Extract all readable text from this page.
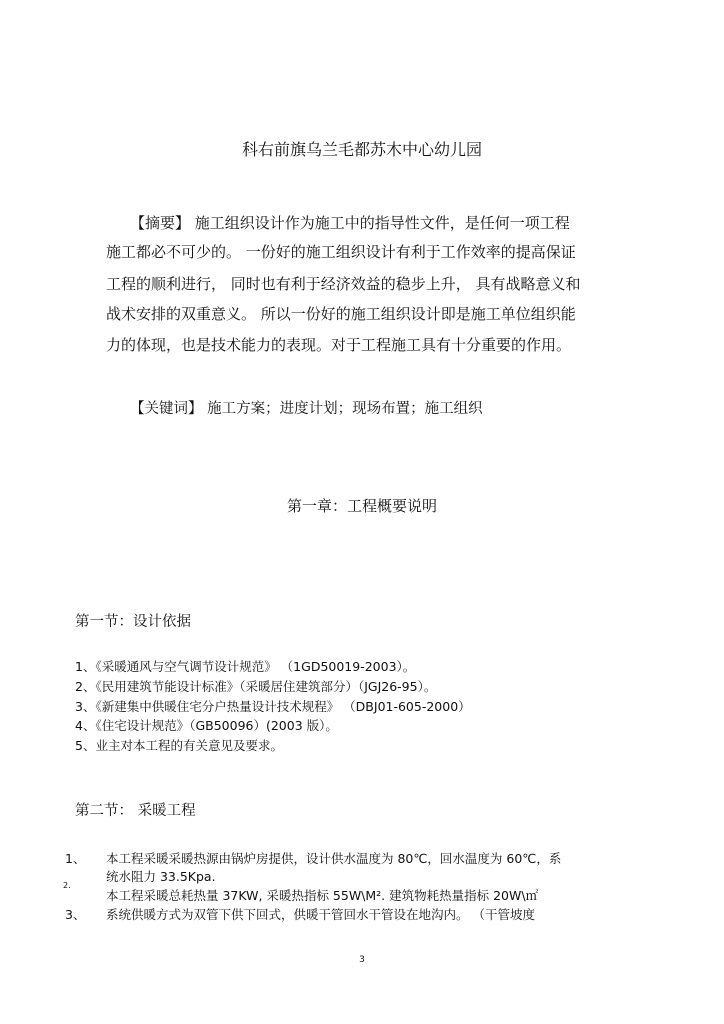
科右前旗乌兰毛都苏木中心幼儿园
【摘要】 施工组织设计作为施工中的指导性文件，是任何一项工程
施工都必不可少的。 一份好的施工组织设计有利于工作效率的提高保证
工程的顺利进行， 同时也有利于经济效益的稳步上升， 具有战略意义和
战术安排的双重意义。 所以一份好的施工组织设计即是施工单位组织能
力的体现，也是技术能力的表现。对于工程施工具有十分重要的作用。
【关键词】 施工方案；进度计划；现场布置；施工组织
第一章：工程概要说明
第一节：设计依据
1、《采暖通风与空气调节设计规范》 （1GD50019-2003）。
2、《民用建筑节能设计标准》（采暖居住建筑部分）（JGJ26-95）。
3、《新建集中供暖住宅分户热量设计技术规程》 （DBJ01-605-2000）
4、《住宅设计规范》（GB50096）(2003 版）。
5、业主对本工程的有关意见及要求。
第二节： 采暖工程
1、 本工程采暖采暖热源由锅炉房提供，设计供水温度为 80℃，回水温度为 60℃，系
统水阻力 33.5Kpa.
2.
本工程采暖总耗热量 37KW, 采暖热指标 55W\M². 建筑物耗热量指标 20W\㎡
3、 系统供暖方式为双管下供下回式，供暖干管回水干管设在地沟内。 （干管坡度
3
